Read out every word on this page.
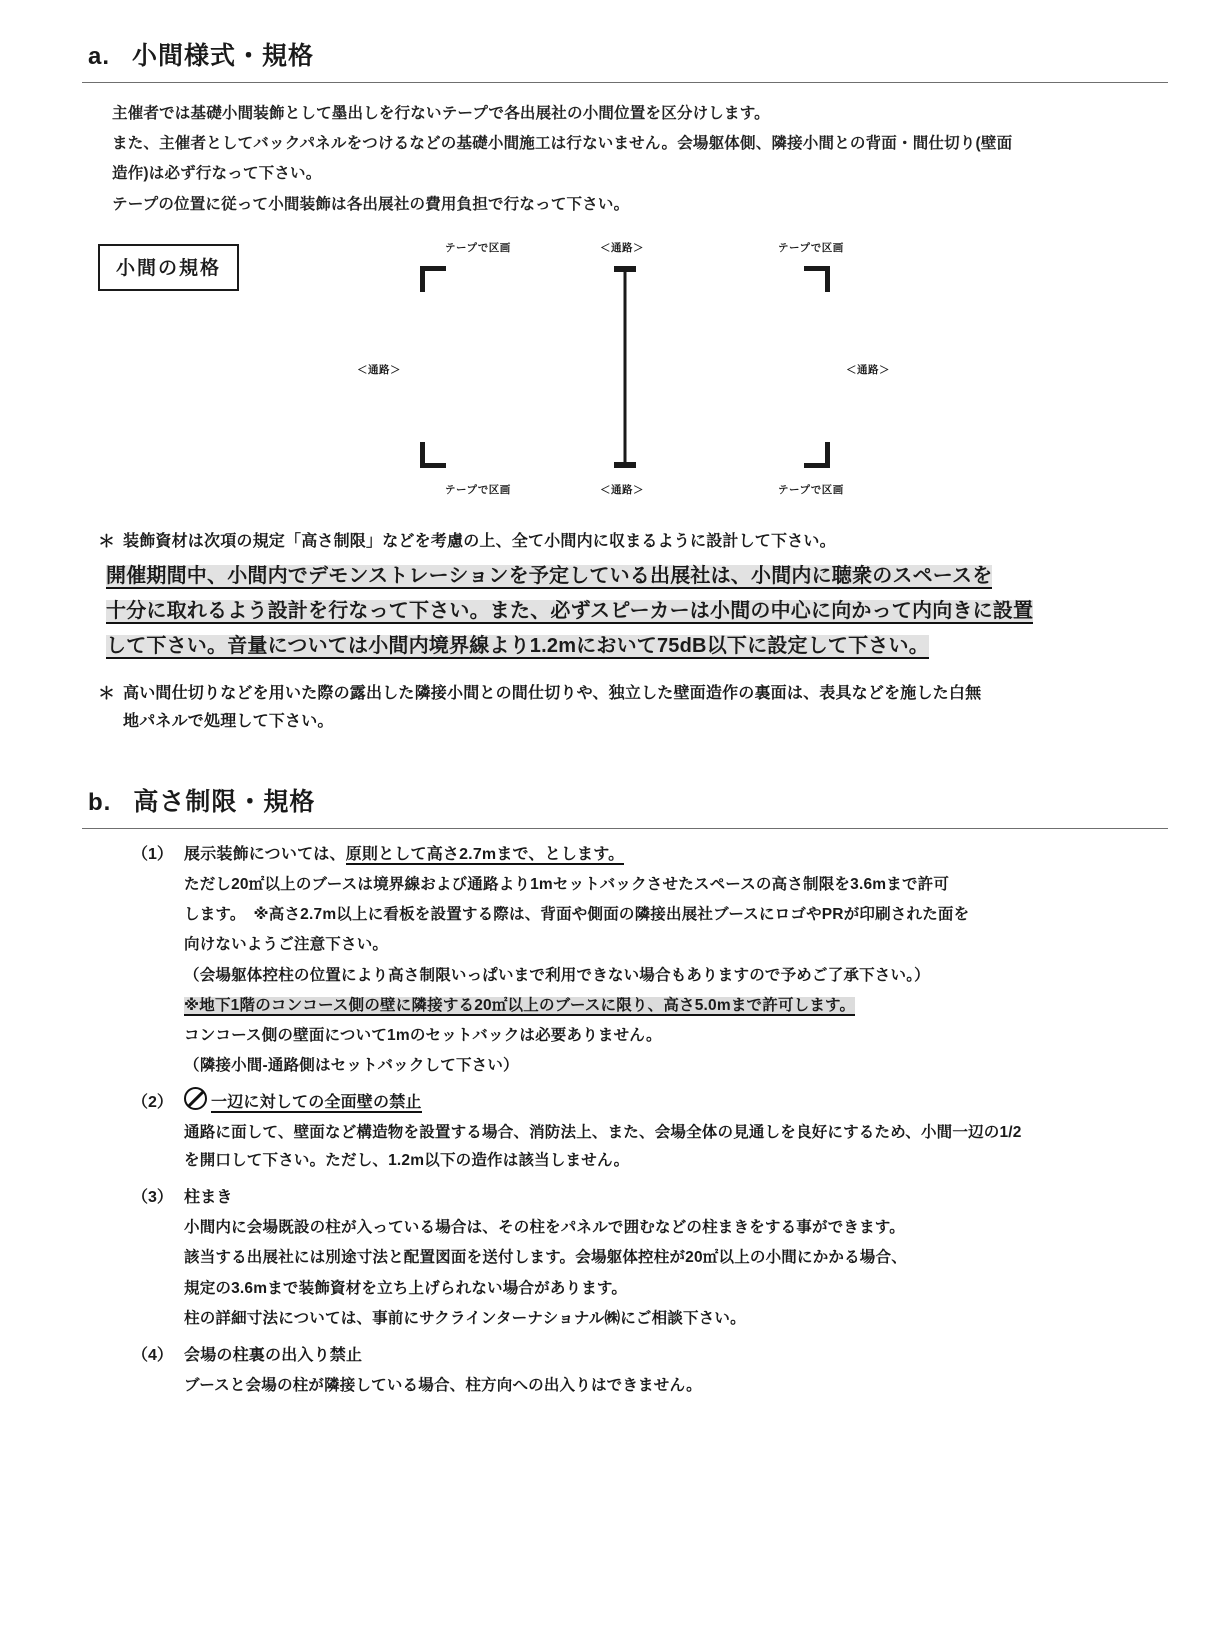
a. 小間様式・規格
主催者では基礎小間装飾として墨出しを行ないテープで各出展社の小間位置を区分けします。
また、主催者としてバックパネルをつけるなどの基礎小間施工は行ないません。会場躯体側、隣接小間との背面・間仕切り(壁面
造作)は必ず行なって下さい。
テープの位置に従って小間装飾は各出展社の費用負担で行なって下さい。
小間の規格
テープで区画	＜通路＞	テープで区画
＜通路＞	＜通路＞
テープで区画	＜通路＞	テープで区画
＊ 装飾資材は次項の規定「高さ制限」などを考慮の上、全て小間内に収まるように設計して下さい。
開催期間中、小間内でデモンストレーションを予定している出展社は、小間内に聴衆のスペースを
十分に取れるよう設計を行なって下さい。また、必ずスピーカーは小間の中心に向かって内向きに設置
して下さい。音量については小間内境界線より1.2mにおいて75dB以下に設定して下さい。
＊ 高い間仕切りなどを用いた際の露出した隣接小間との間仕切りや、独立した壁面造作の裏面は、表具などを施した白無
地パネルで処理して下さい。
b. 高さ制限・規格
（1） 展示装飾については、原則として高さ2.7mまで、とします。
ただし20㎡以上のブースは境界線および通路より1mセットバックさせたスペースの高さ制限を3.6mまで許可
します。　※高さ2.7m以上に看板を設置する際は、背面や側面の隣接出展社ブースにロゴやPRが印刷された面を
向けないようご注意下さい。
（会場躯体控柱の位置により高さ制限いっぱいまで利用できない場合もありますので予めご了承下さい。）
※地下1階のコンコース側の壁に隣接する20㎡以上のブースに限り、高さ5.0mまで許可します。
コンコース側の壁面について1mのセットバックは必要ありません。
（隣接小間-通路側はセットバックして下さい）
（2）	一辺に対しての全面壁の禁止
通路に面して、壁面など構造物を設置する場合、消防法上、また、会場全体の見通しを良好にするため、小間一辺の1/2
を開口して下さい。ただし、1.2m以下の造作は該当しません。
（3） 柱まき
小間内に会場既設の柱が入っている場合は、その柱をパネルで囲むなどの柱まきをする事ができます。
該当する出展社には別途寸法と配置図面を送付します。会場躯体控柱が20㎡以上の小間にかかる場合、
規定の3.6mまで装飾資材を立ち上げられない場合があります。
柱の詳細寸法については、事前にサクラインターナショナル㈱にご相談下さい。
（4） 会場の柱裏の出入り禁止
ブースと会場の柱が隣接している場合、柱方向への出入りはできません。
